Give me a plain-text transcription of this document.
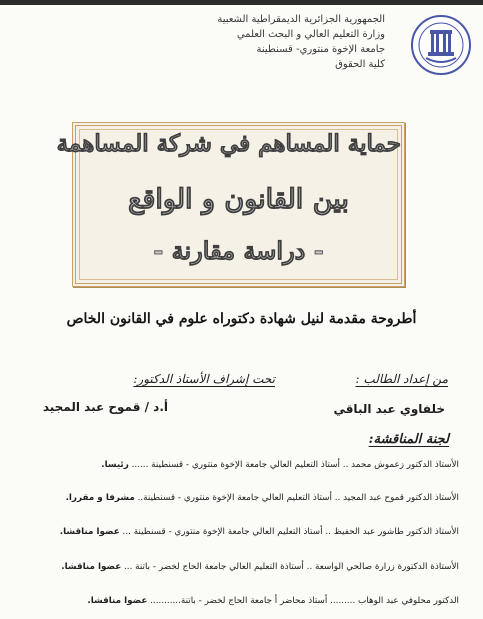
الجمهورية الجزائرية الديمقراطية الشعبية
وزارة التعليم العالي و البحث العلمي
جامعة الإخوة منتوري- قسنطينة
كلية الحقوق
حماية المساهم في شركة المساهمة
بين القانون و الواقع
- دراسة مقارنة -
أطروحة مقدمة لنيل شهادة دكتوراه علوم في القانون الخاص
من إعداد الطالب :
تحت إشراف الأستاذ الدكتور:
خلفاوي عبد الباقي
أ.د / قموح عبد المجيد
لجنة المناقشة:
الأستاذ الدكتور زعموش محمد .. أستاذ التعليم العالي جامعة الإخوة منتوري - قسنطينة ...... رئيسا.
الأستاذ الدكتور قموح عبد المجيد .. أستاذ التعليم العالي جامعة الإخوة منتوري - قسنطينة.. مشرفا و مقررا.
الأستاذ الدكتور طاشور عبد الحفيظ .. أستاذ التعليم العالي جامعة الإخوة منتوري - قسنطينة ... عضوا مناقشا.
الأستاذة الدكتورة زرارة صالحي الواسعة .. أستاذة التعليم العالي جامعة الحاج لخضر - باتنة ... عضوا مناقشا.
الدكتور محلوفي عبد الوهاب ......... أستاذ محاضر أ جامعة الحاج لخضر - باتنة........... عضوا مناقشا.
